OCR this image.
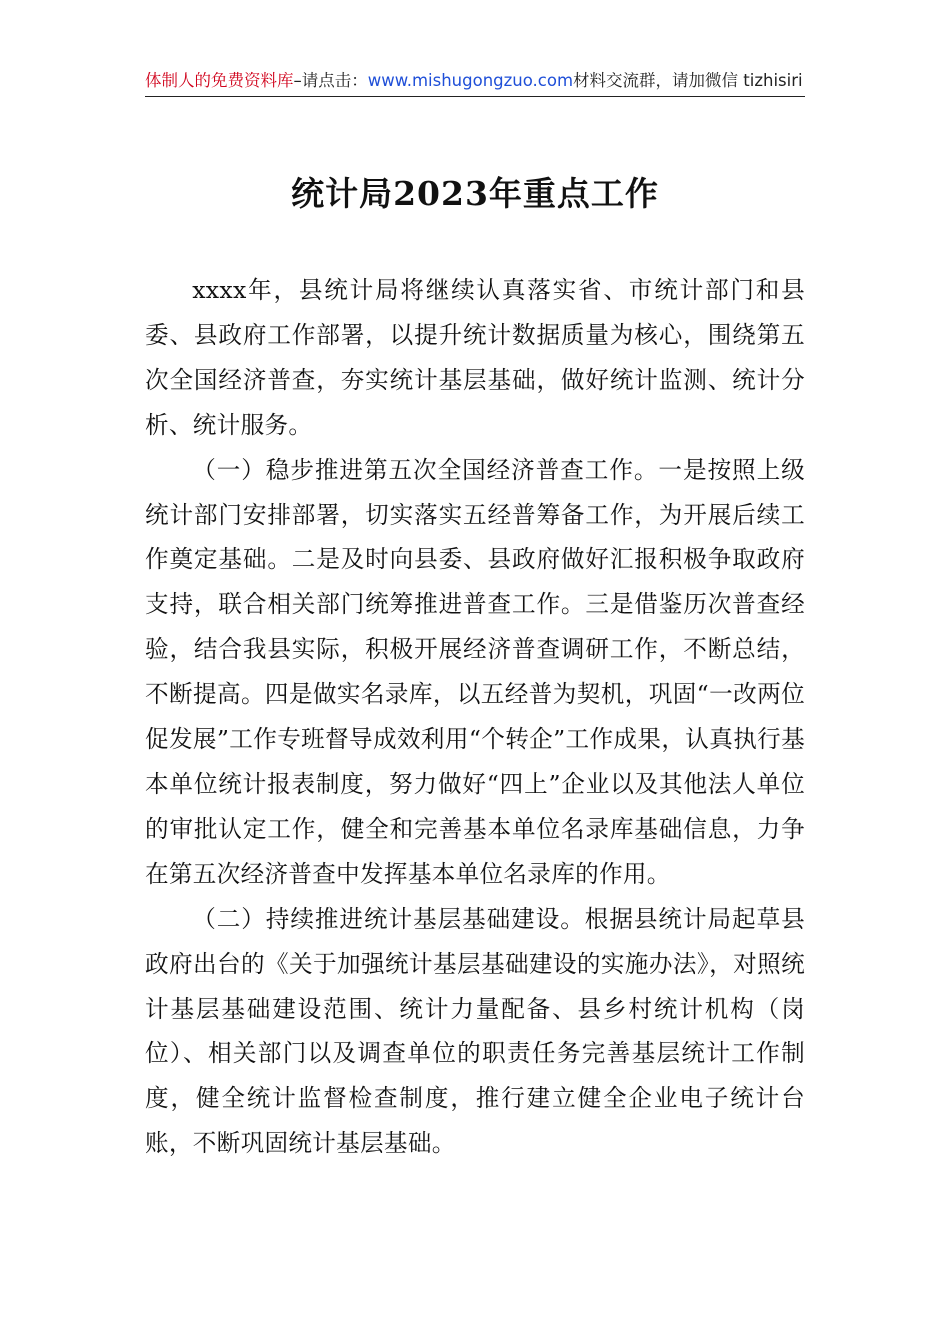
体制人的免费资料库–请点击：www.mishugongzuo.com材料交流群，请加微信 tizhisiri
统计局2023年重点工作

xxxx年，县统计局将继续认真落实省、市统计部门和县委、县政府工作部署，以提升统计数据质量为核心，围绕第五次全国经济普查，夯实统计基层基础，做好统计监测、统计分析、统计服务。

（一）稳步推进第五次全国经济普查工作。一是按照上级统计部门安排部署，切实落实五经普筹备工作，为开展后续工作奠定基础。二是及时向县委、县政府做好汇报积极争取政府支持，联合相关部门统筹推进普查工作。三是借鉴历次普查经验，结合我县实际，积极开展经济普查调研工作，不断总结，不断提高。四是做实名录库，以五经普为契机，巩固“一改两位促发展”工作专班督导成效利用“个转企”工作成果，认真执行基本单位统计报表制度，努力做好“四上”企业以及其他法人单位的审批认定工作，健全和完善基本单位名录库基础信息，力争在第五次经济普查中发挥基本单位名录库的作用。

（二）持续推进统计基层基础建设。根据县统计局起草县政府出台的《关于加强统计基层基础建设的实施办法》，对照统计基层基础建设范围、统计力量配备、县乡村统计机构（岗位）、相关部门以及调查单位的职责任务完善基层统计工作制度，健全统计监督检查制度，推行建立健全企业电子统计台账，不断巩固统计基层基础。
